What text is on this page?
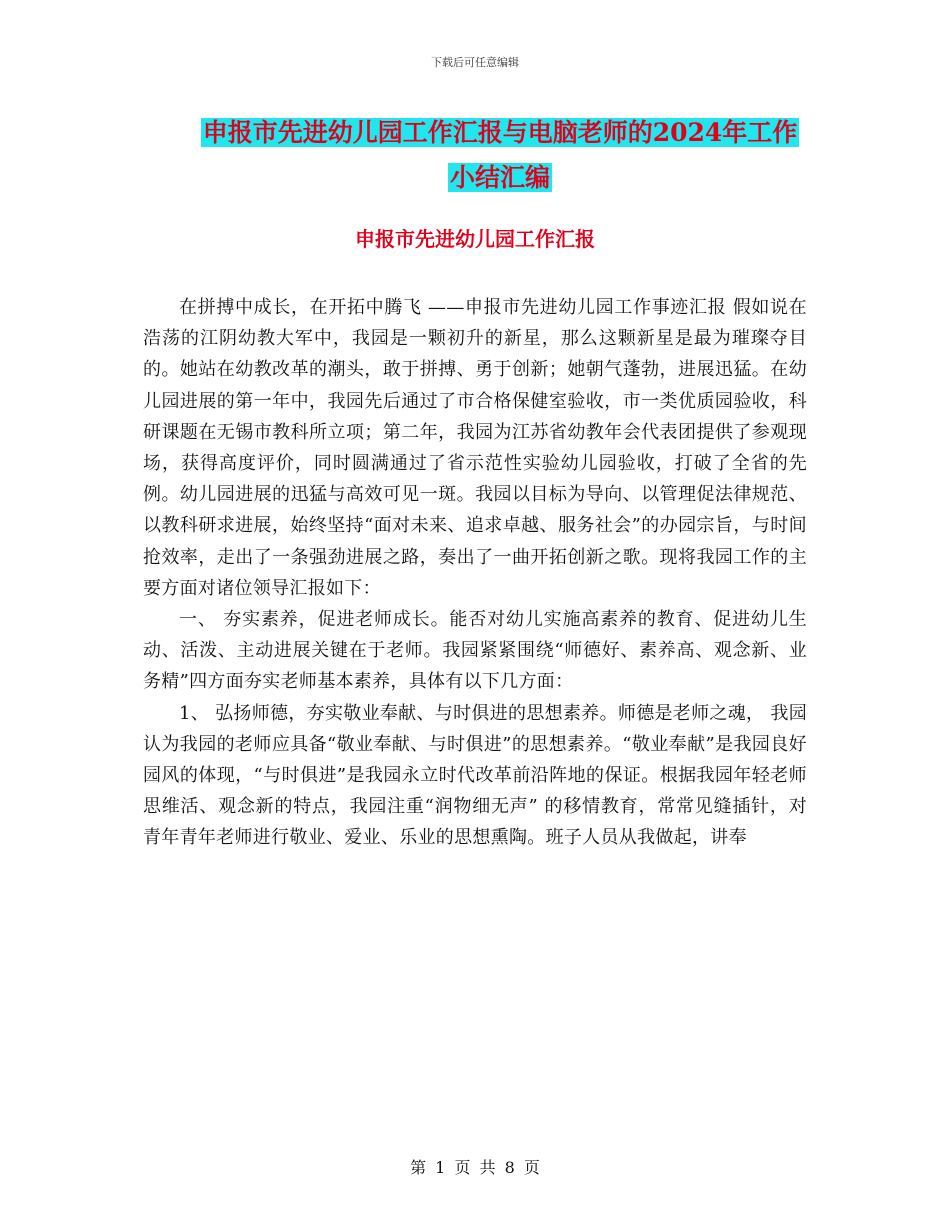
下载后可任意编辑
申报市先进幼儿园工作汇报与电脑老师的2024年工作小结汇编
申报市先进幼儿园工作汇报

在拼搏中成长，在开拓中腾飞 ——申报市先进幼儿园工作事迹汇报 假如说在浩荡的江阴幼教大军中，我园是一颗初升的新星，那么这颗新星是最为璀璨夺目的。她站在幼教改革的潮头，敢于拼搏、勇于创新；她朝气蓬勃，进展迅猛。在幼儿园进展的第一年中，我园先后通过了市合格保健室验收，市一类优质园验收，科研课题在无锡市教科所立项；第二年，我园为江苏省幼教年会代表团提供了参观现场，获得高度评价，同时圆满通过了省示范性实验幼儿园验收，打破了全省的先例。幼儿园进展的迅猛与高效可见一斑。我园以目标为导向、以管理促法律规范、以教科研求进展，始终坚持“面对未来、追求卓越、服务社会”的办园宗旨，与时间抢效率，走出了一条强劲进展之路，奏出了一曲开拓创新之歌。现将我园工作的主要方面对诸位领导汇报如下：

一、 夯实素养，促进老师成长。能否对幼儿实施高素养的教育、促进幼儿生动、活泼、主动进展关键在于老师。我园紧紧围绕“师德好、素养高、观念新、业务精”四方面夯实老师基本素养，具体有以下几方面：

1、 弘扬师德，夯实敬业奉献、与时俱进的思想素养。师德是老师之魂， 我园认为我园的老师应具备“敬业奉献、与时俱进”的思想素养。“敬业奉献”是我园良好园风的体现，“与时俱进”是我园永立时代改革前沿阵地的保证。根据我园年轻老师思维活、观念新的特点，我园注重“润物细无声” 的移情教育，常常见缝插针，对青年青年老师进行敬业、爱业、乐业的思想熏陶。班子人员从我做起，讲奉

第 1 页 共 8 页
